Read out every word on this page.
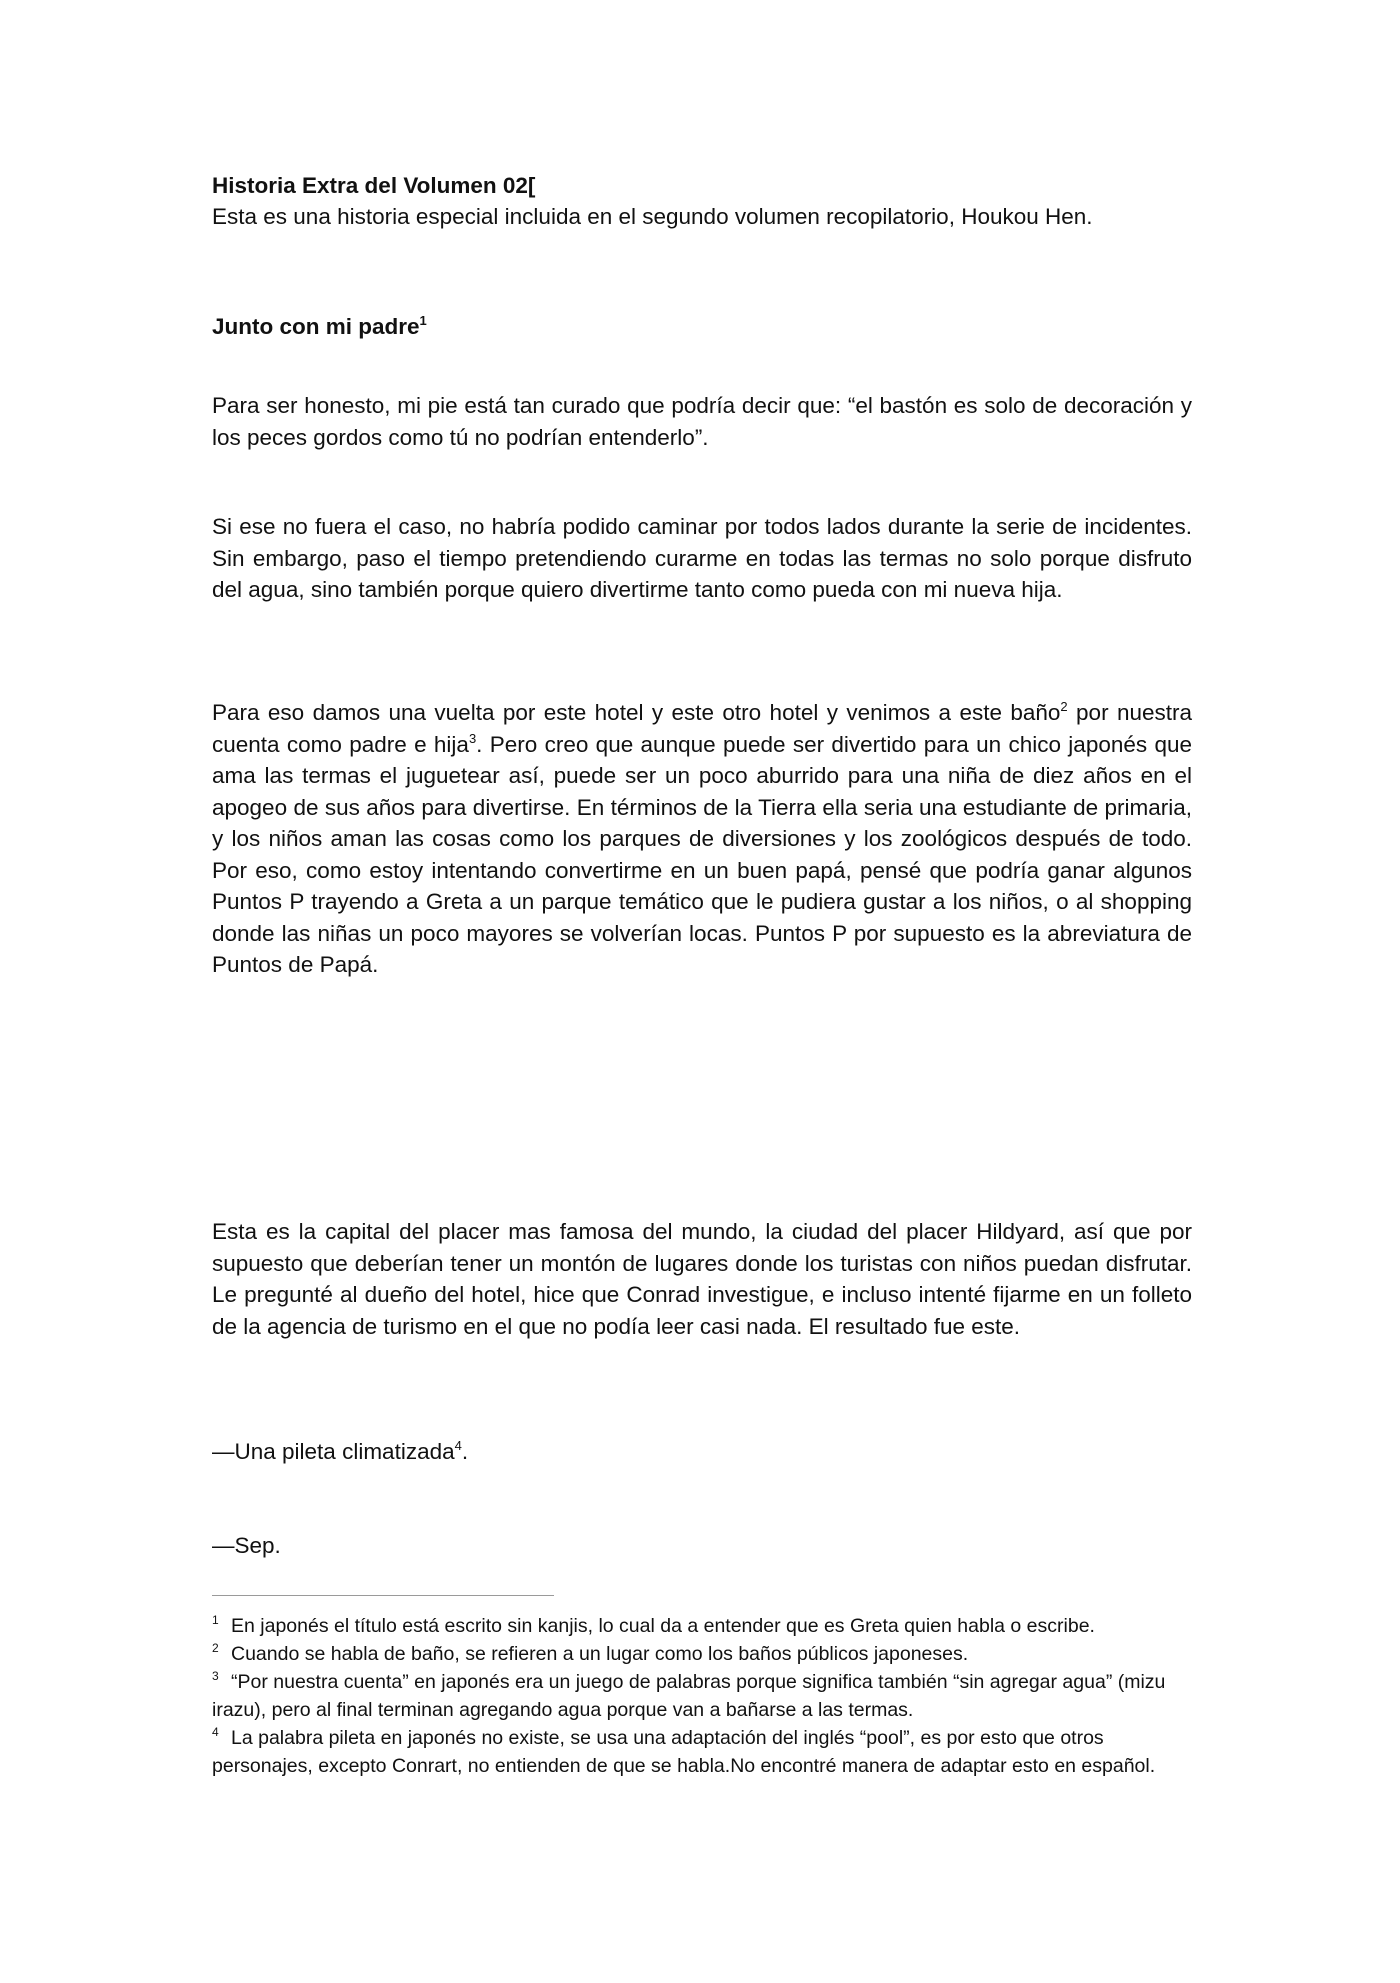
Historia Extra del Volumen 02[

Esta es una historia especial incluida en el segundo volumen recopilatorio, Houkou Hen.

Junto con mi padre$^1$

Para ser honesto, mi pie está tan curado que podría decir que: “el bastón es solo de decoración y los peces gordos como tú no podrían entenderlo”.

Si ese no fuera el caso, no habría podido caminar por todos lados durante la serie de incidentes. Sin embargo, paso el tiempo pretendiendo curarme en todas las termas no solo porque disfruto del agua, sino también porque quiero divertirme tanto como pueda con mi nueva hija.

Para eso damos una vuelta por este hotel y este otro hotel y venimos a este baño$^2$ por nuestra cuenta como padre e hija$^3$. Pero creo que aunque puede ser divertido para un chico japonés que ama las termas el juguetear así, puede ser un poco aburrido para una niña de diez años en el apogeo de sus años para divertirse. En términos de la Tierra ella seria una estudiante de primaria, y los niños aman las cosas como los parques de diversiones y los zoológicos después de todo. Por eso, como estoy intentando convertirme en un buen papá, pensé que podría ganar algunos Puntos P trayendo a Greta a un parque temático que le pudiera gustar a los niños, o al shopping donde las niñas un poco mayores se volverían locas. Puntos P por supuesto es la abreviatura de Puntos de Papá.

Esta es la capital del placer mas famosa del mundo, la ciudad del placer Hildyard, así que por supuesto que deberían tener un montón de lugares donde los turistas con niños puedan disfrutar. Le pregunté al dueño del hotel, hice que Conrad investigue, e incluso intenté fijarme en un folleto de la agencia de turismo en el que no podía leer casi nada. El resultado fue este.

—Una pileta climatizada$^4$.

—Sep.

$^1$ En japonés el título está escrito sin kanjis, lo cual da a entender que es Greta quien habla o escribe.

$^2$ Cuando se habla de baño, se refieren a un lugar como los baños públicos japoneses.

$^3$ “Por nuestra cuenta” en japonés era un juego de palabras porque significa también “sin agregar agua” (mizu irazu), pero al final terminan agregando agua porque van a bañarse a las termas.

$^4$ La palabra pileta en japonés no existe, se usa una adaptación del inglés “pool”, es por esto que otros personajes, excepto Conrart, no entienden de que se habla.No encontré manera de adaptar esto en español.
